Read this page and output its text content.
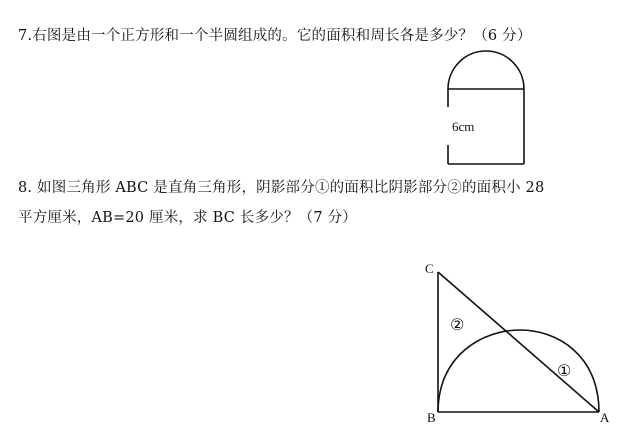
7.右图是由一个正方形和一个半圆组成的。它的面积和周长各是多少？（6 分）
6cm
C
B	A
②
①
8. 如图三角形 ABC 是直角三角形，阴影部分①的面积比阴影部分②的面积小 28
平方厘米，AB=20 厘米，求 BC 长多少？（7 分）
